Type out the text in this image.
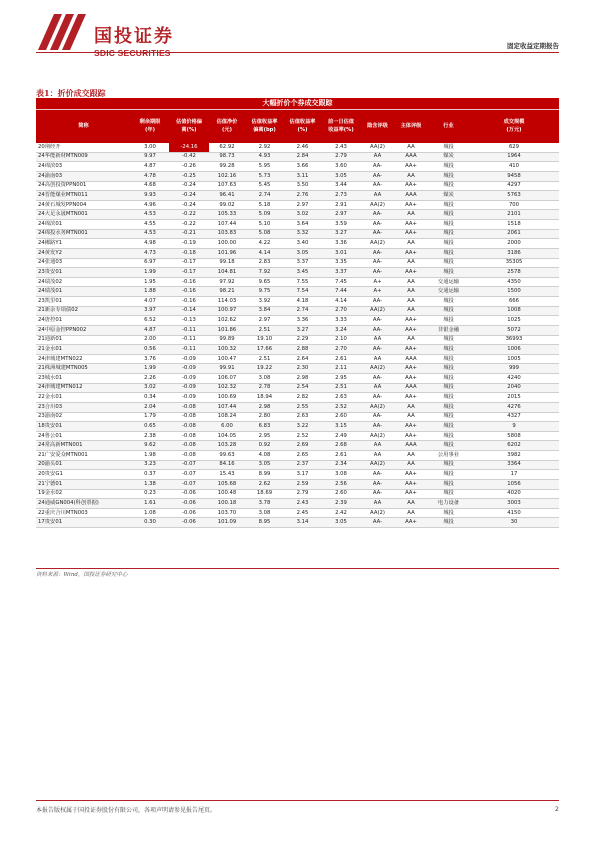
国投证券
SDIC SECURITIES
固定收益定期报告
表1：折价成交跟踪
大幅折价个券成交跟踪
简称
剩余期限
(年)
估值价格偏
离(%)
估值净价
(元)
估值收益率
偏离(bp)
估值收益率
(%)
前一日估值
收益率(%)
隐含评级	主体评级	行业
成交规模
(万元)
20荆经开	3.00	-24.16	62.92	2.92	2.46	2.43	AA(2)	AA	城投	629
24华能新材MTN009	9.97	-0.42	98.73	4.93	2.84	2.79	AA	AAA	煤炭	1964
24绵滨03	4.87	-0.26	99.28	5.95	3.66	3.60	AA-	AA+	城投	410
24渝南03	4.78	-0.25	102.16	5.73	3.11	3.05	AA-	AA	城投	9458
24高创投资PPN001	4.68	-0.24	107.63	5.45	3.50	3.44	AA-	AA+	城投	4297
24晋能煤业MTN011	9.93	-0.24	96.41	2.74	2.76	2.73	AA	AAA	煤炭	5763
24黄石城发PPN004	4.96	-0.24	99.02	5.18	2.97	2.91	AA(2)	AA+	城投	700
24大足永晟MTN001	4.53	-0.22	105.33	5.09	3.02	2.97	AA-	AA	城投	2101
24绵滨01	4.55	-0.22	107.44	5.10	3.64	3.59	AA-	AA+	城投	1518
24绵投水务MTN001	4.53	-0.21	103.83	5.08	3.32	3.27	AA-	AA+	城投	2061
24郴路Y1	4.98	-0.19	100.00	4.22	3.40	3.36	AA(2)	AA	城投	2000
24黄发Y2	4.73	-0.18	101.96	4.14	3.05	3.01	AA-	AA+	城投	3186
24张通03	6.97	-0.17	99.18	2.83	3.37	3.35	AA-	AA	城投	35305
23贵安01	1.99	-0.17	104.81	7.92	3.45	3.37	AA-	AA+	城投	2578
24瑞茂02	1.95	-0.16	97.92	9.65	7.55	7.45	A+	AA	交通运输	4350
24瑞茂01	1.88	-0.16	98.21	9.75	7.54	7.44	A+	AA	交通运输	1500
23凯里01	4.07	-0.16	114.03	3.92	4.18	4.14	AA-	AA	城投	666
21新余专项债02	3.97	-0.14	100.97	3.84	2.74	2.70	AA(2)	AA	城投	1008
24唐控01	6.52	-0.13	102.62	2.97	3.36	3.33	AA-	AA+	城投	1025
24中原金控PPN002	4.87	-0.11	101.86	2.51	3.27	3.24	AA-	AA+	非银金融	5072
21通新01	2.00	-0.11	99.89	19.10	2.29	2.10	AA	AA	城投	36993
21金水01	0.56	-0.11	100.32	17.66	2.88	2.70	AA-	AA+	城投	1006
24津城建MTN022	3.76	-0.09	100.47	2.51	2.64	2.61	AA	AAA	城投	1005
21株洲城建MTN005	1.99	-0.09	99.91	19.22	2.30	2.11	AA(2)	AA+	城投	999
23城水01	2.26	-0.09	106.07	3.08	2.98	2.95	AA-	AA+	城投	4240
24津城建MTN012	3.02	-0.09	102.32	2.78	2.54	2.51	AA	AAA	城投	2040
22金水01	0.34	-0.09	100.69	18.94	2.82	2.63	AA-	AA+	城投	2015
23合川03	2.04	-0.08	107.44	2.98	2.55	2.52	AA(2)	AA	城投	4276
23渝南02	1.79	-0.08	108.24	2.80	2.63	2.60	AA-	AA	城投	4327
18贵安01	0.65	-0.08	6.00	6.83	3.22	3.15	AA-	AA+	城投	9
24鲁公01	2.38	-0.08	104.05	2.95	2.52	2.49	AA(2)	AA+	城投	5808
24常高新MTN001	9.62	-0.08	103.28	0.92	2.69	2.68	AA	AAA	城投	6202
21广安爱众MTN001	1.98	-0.08	99.63	4.08	2.65	2.61	AA	AA	公用事业	3982
20渝头01	3.23	-0.07	84.16	3.05	2.37	2.34	AA(2)	AA	城投	3364
20贵安G1	0.37	-0.07	15.43	8.99	3.17	3.08	AA-	AA+	城投	17
21宁德01	1.38	-0.07	105.68	2.62	2.59	2.56	AA-	AA+	城投	1056
19金水02	0.23	-0.06	100.48	18.69	2.79	2.60	AA-	AA+	城投	4020
24通威GN004(科创票据)	1.61	-0.06	100.18	3.78	2.43	2.39	AA	AA	电力设备	3003
22重庆合川MTN003	1.08	-0.06	103.70	3.08	2.45	2.42	AA(2)	AA	城投	4150
17贵安01	0.30	-0.06	101.09	8.95	3.14	3.05	AA-	AA+	城投	30
资料来源：Wind，国投证券研究中心
本报告版权属于国投证券股份有限公司，各项声明请参见报告尾页。	2
